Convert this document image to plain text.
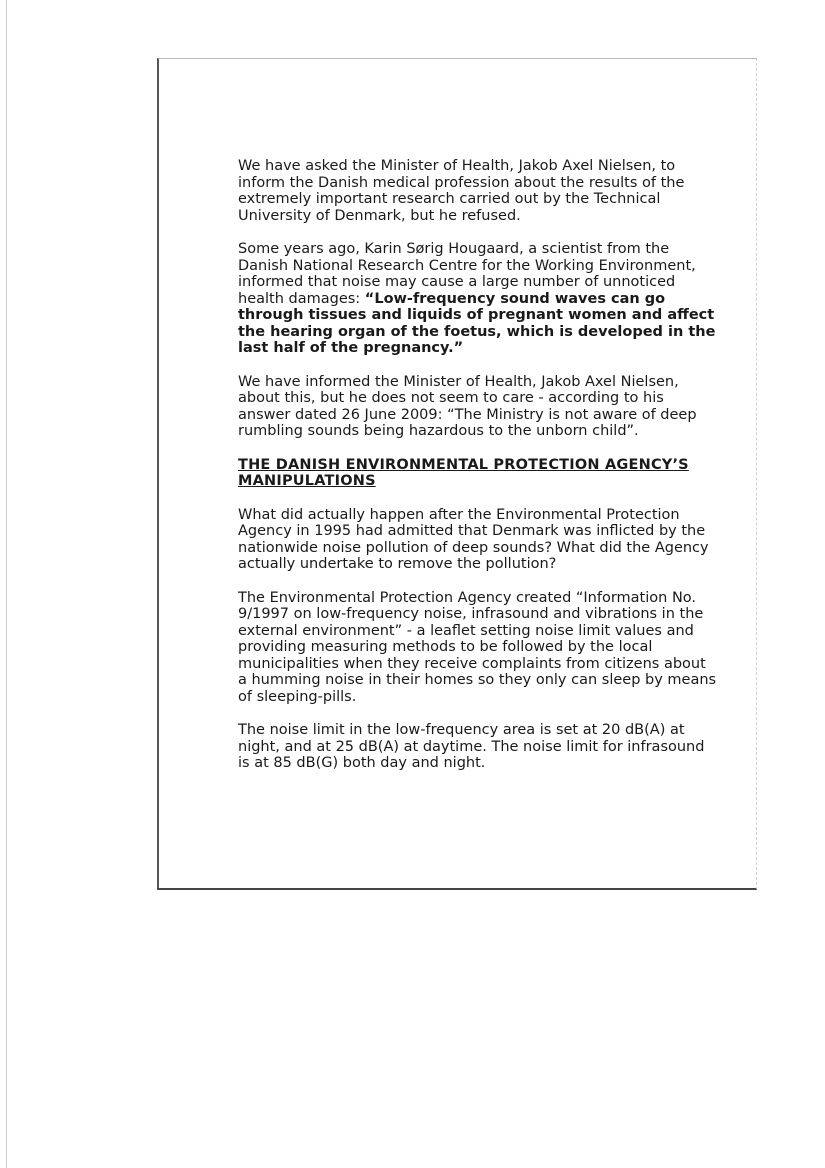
We have asked the Minister of Health, Jakob Axel Nielsen, to inform the Danish medical profession about the results of the extremely important research carried out by the Technical University of Denmark, but he refused.

Some years ago, Karin Sørig Hougaard, a scientist from the Danish National Research Centre for the Working Environment, informed that noise may cause a large number of unnoticed health damages: “Low-frequency sound waves can go through tissues and liquids of pregnant women and affect the hearing organ of the foetus, which is developed in the last half of the pregnancy.”

We have informed the Minister of Health, Jakob Axel Nielsen, about this, but he does not seem to care - according to his answer dated 26 June 2009: “The Ministry is not aware of deep rumbling sounds being hazardous to the unborn child”.

THE DANISH ENVIRONMENTAL PROTECTION AGENCY’S MANIPULATIONS

What did actually happen after the Environmental Protection Agency in 1995 had admitted that Denmark was inflicted by the nationwide noise pollution of deep sounds? What did the Agency actually undertake to remove the pollution?

The Environmental Protection Agency created “Information No. 9/1997 on low-frequency noise, infrasound and vibrations in the external environment” - a leaflet setting noise limit values and providing measuring methods to be followed by the local municipalities when they receive complaints from citizens about a humming noise in their homes so they only can sleep by means of sleeping-pills.

The noise limit in the low-frequency area is set at 20 dB(A) at night, and at 25 dB(A) at daytime. The noise limit for infrasound is at 85 dB(G) both day and night.
